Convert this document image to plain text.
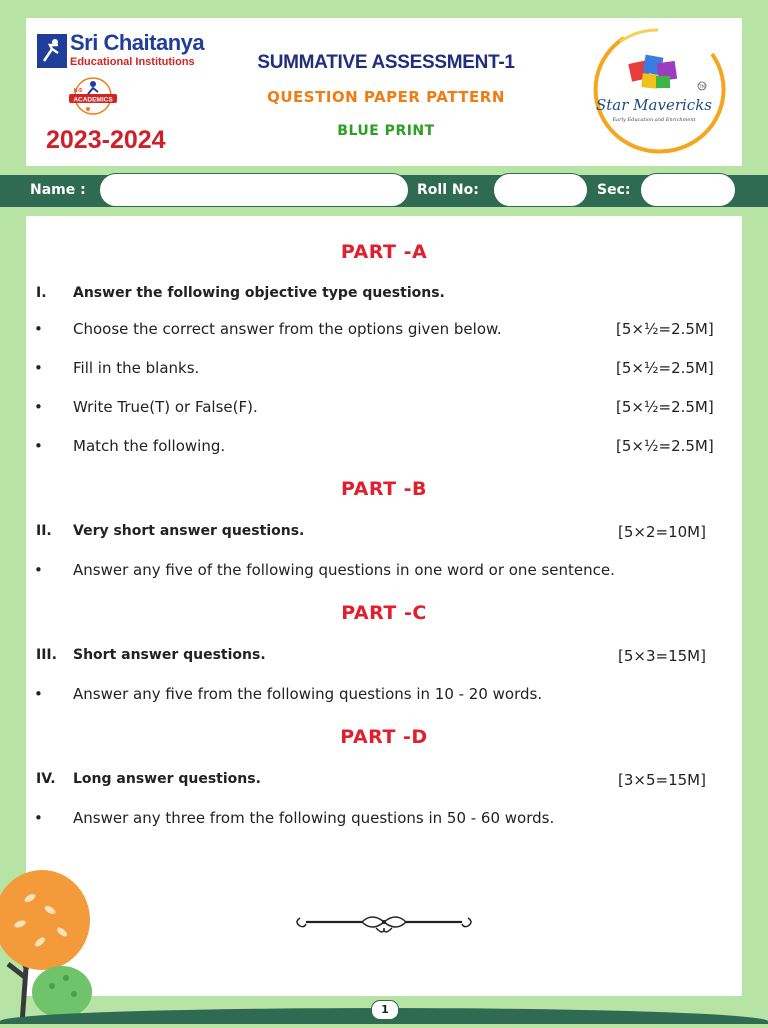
Sri Chaitanya
Educational Institutions
ACADEMICS
K-5
2023-2024
SUMMATIVE ASSESSMENT-1
QUESTION PAPER PATTERN
BLUE PRINT
TM
Star Mavericks
Early Education and Enrichment
Name :	Roll No:	Sec:
PART -A
I. Answer the following objective type questions.
• Choose the correct answer from the options given below.	[5×½=2.5M]
• Fill in the blanks.	[5×½=2.5M]
• Write True(T) or False(F).	[5×½=2.5M]
• Match the following.	[5×½=2.5M]
PART -B
II. Very short answer questions.	[5×2=10M]
• Answer any five of the following questions in one word or one sentence.
PART -C
III. Short answer questions.	[5×3=15M]
• Answer any five from the following questions in 10 - 20 words.
PART -D
IV. Long answer questions.	[3×5=15M]
• Answer any three from the following questions in 50 - 60 words.
1
